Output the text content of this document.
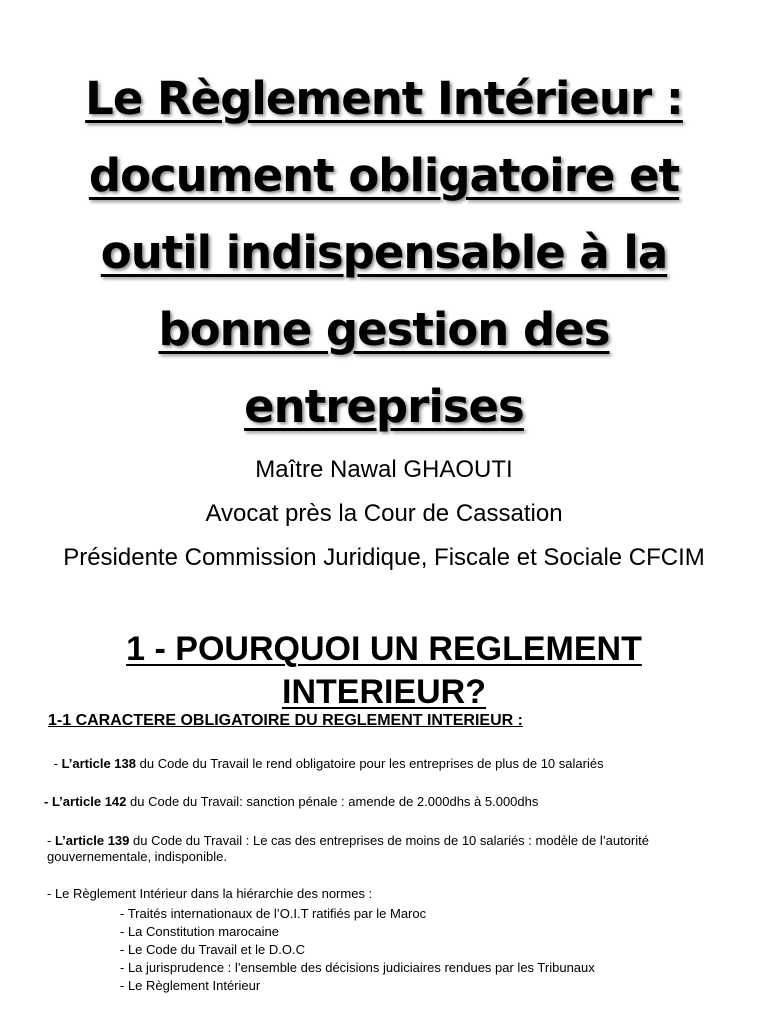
Le Règlement Intérieur :
document obligatoire et
outil indispensable à la
bonne gestion des
entreprises
Maître Nawal GHAOUTI
Avocat près la Cour de Cassation
Présidente Commission Juridique, Fiscale et Sociale CFCIM
1 - POURQUOI UN REGLEMENT
INTERIEUR?
1-1 CARACTERE OBLIGATOIRE DU REGLEMENT INTERIEUR :
- L’article 138 du Code du Travail le rend obligatoire pour les entreprises de plus de 10 salariés
- L’article 142 du Code du Travail: sanction pénale : amende de 2.000dhs à 5.000dhs
- L’article 139 du Code du Travail : Le cas des entreprises de moins de 10 salariés : modèle de l’autorité gouvernementale, indisponible.
- Le Règlement Intérieur dans la hiérarchie des normes :
- Traités internationaux de l’O.I.T ratifiés par le Maroc
- La Constitution marocaine
- Le Code du Travail et le D.O.C
- La jurisprudence : l’ensemble des décisions judiciaires rendues par les Tribunaux
- Le Règlement Intérieur
